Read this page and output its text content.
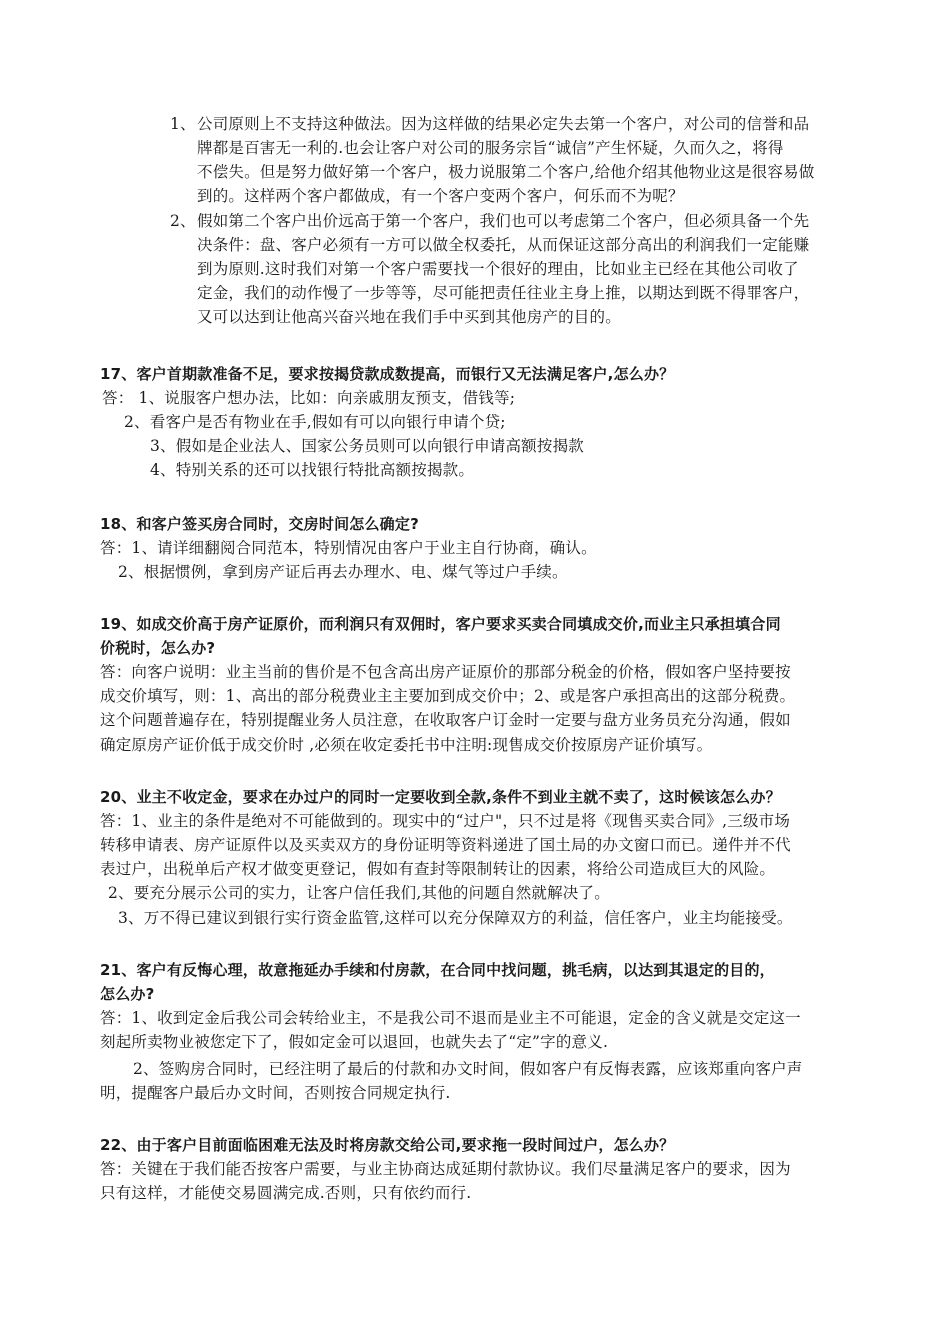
1、 公司原则上不支持这种做法。因为这样做的结果必定失去第一个客户，对公司的信誉和品
牌都是百害无一利的.也会让客户对公司的服务宗旨“诚信”产生怀疑，久而久之，将得
不偿失。但是努力做好第一个客户，极力说服第二个客户,给他介绍其他物业这是很容易做
到的。这样两个客户都做成，有一个客户变两个客户，何乐而不为呢？
2、 假如第二个客户出价远高于第一个客户，我们也可以考虑第二个客户，但必须具备一个先
决条件：盘、客户必须有一方可以做全权委托，从而保证这部分高出的利润我们一定能赚
到为原则.这时我们对第一个客户需要找一个很好的理由，比如业主已经在其他公司收了
定金，我们的动作慢了一步等等，尽可能把责任往业主身上推，以期达到既不得罪客户，
又可以达到让他高兴奋兴地在我们手中买到其他房产的目的。
17、客户首期款准备不足，要求按揭贷款成数提高，而银行又无法满足客户,怎么办？
答： 1、说服客户想办法，比如：向亲戚朋友预支，借钱等;
2、看客户是否有物业在手,假如有可以向银行申请个贷;
3、假如是企业法人、国家公务员则可以向银行申请高额按揭款
4、特别关系的还可以找银行特批高额按揭款。
18、和客户签买房合同时，交房时间怎么确定?
答：1、请详细翻阅合同范本，特别情况由客户于业主自行协商，确认。
2、根据惯例，拿到房产证后再去办理水、电、煤气等过户手续。
19、如成交价高于房产证原价，而利润只有双佣时，客户要求买卖合同填成交价,而业主只承担填合同
价税时，怎么办?
答：向客户说明：业主当前的售价是不包含高出房产证原价的那部分税金的价格，假如客户坚持要按
成交价填写，则：1、高出的部分税费业主主要加到成交价中；2、或是客户承担高出的这部分税费。
这个问题普遍存在，特别提醒业务人员注意，在收取客户订金时一定要与盘方业务员充分沟通，假如
确定原房产证价低于成交价时 ,必须在收定委托书中注明:现售成交价按原房产证价填写。
20、业主不收定金，要求在办过户的同时一定要收到全款,条件不到业主就不卖了，这时候该怎么办？
答：1、业主的条件是绝对不可能做到的。现实中的“过户"，只不过是将《现售买卖合同》,三级市场
转移申请表、房产证原件以及买卖双方的身份证明等资料递进了国土局的办文窗口而已。递件并不代
表过户，出税单后产权才做变更登记，假如有查封等限制转让的因素，将给公司造成巨大的风险。
2、要充分展示公司的实力，让客户信任我们,其他的问题自然就解决了。
3、万不得已建议到银行实行资金监管,这样可以充分保障双方的利益，信任客户，业主均能接受。
21、客户有反悔心理，故意拖延办手续和付房款，在合同中找问题，挑毛病，以达到其退定的目的，
怎么办?
答：1、收到定金后我公司会转给业主，不是我公司不退而是业主不可能退，定金的含义就是交定这一
刻起所卖物业被您定下了，假如定金可以退回，也就失去了“定”字的意义.
2、签购房合同时，已经注明了最后的付款和办文时间，假如客户有反悔表露，应该郑重向客户声
明，提醒客户最后办文时间，否则按合同规定执行.
22、由于客户目前面临困难无法及时将房款交给公司,要求拖一段时间过户，怎么办？
答：关键在于我们能否按客户需要，与业主协商达成延期付款协议。我们尽量满足客户的要求，因为
只有这样，才能使交易圆满完成.否则，只有依约而行.
